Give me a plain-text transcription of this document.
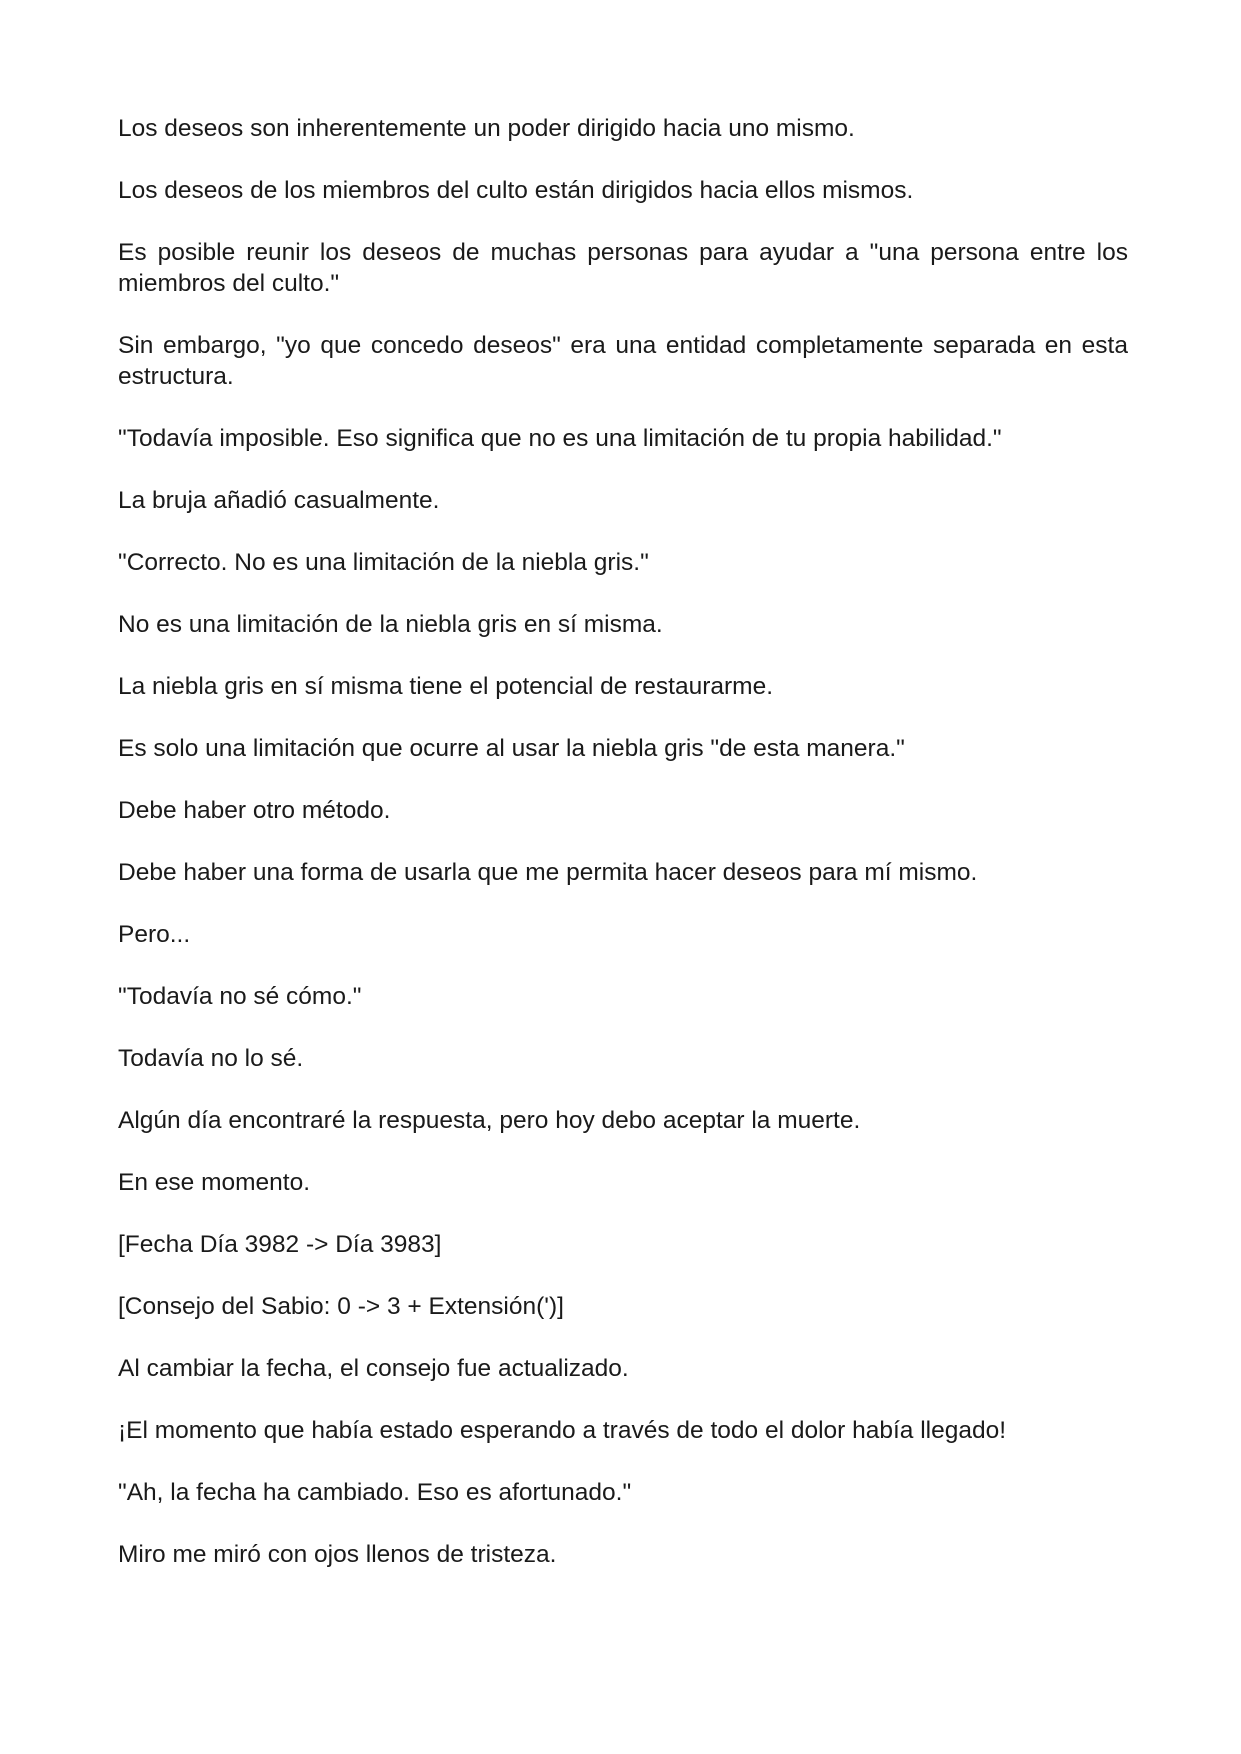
Los deseos son inherentemente un poder dirigido hacia uno mismo.

Los deseos de los miembros del culto están dirigidos hacia ellos mismos.

Es posible reunir los deseos de muchas personas para ayudar a "una persona entre los miembros del culto."

Sin embargo, "yo que concedo deseos" era una entidad completamente separada en esta estructura.

"Todavía imposible. Eso significa que no es una limitación de tu propia habilidad."

La bruja añadió casualmente.

"Correcto. No es una limitación de la niebla gris."

No es una limitación de la niebla gris en sí misma.

La niebla gris en sí misma tiene el potencial de restaurarme.

Es solo una limitación que ocurre al usar la niebla gris "de esta manera."

Debe haber otro método.

Debe haber una forma de usarla que me permita hacer deseos para mí mismo.

Pero...

"Todavía no sé cómo."

Todavía no lo sé.

Algún día encontraré la respuesta, pero hoy debo aceptar la muerte.

En ese momento.

[Fecha Día 3982 -> Día 3983]

[Consejo del Sabio: 0 -> 3 + Extensión(')]

Al cambiar la fecha, el consejo fue actualizado.

¡El momento que había estado esperando a través de todo el dolor había llegado!

"Ah, la fecha ha cambiado. Eso es afortunado."

Miro me miró con ojos llenos de tristeza.
